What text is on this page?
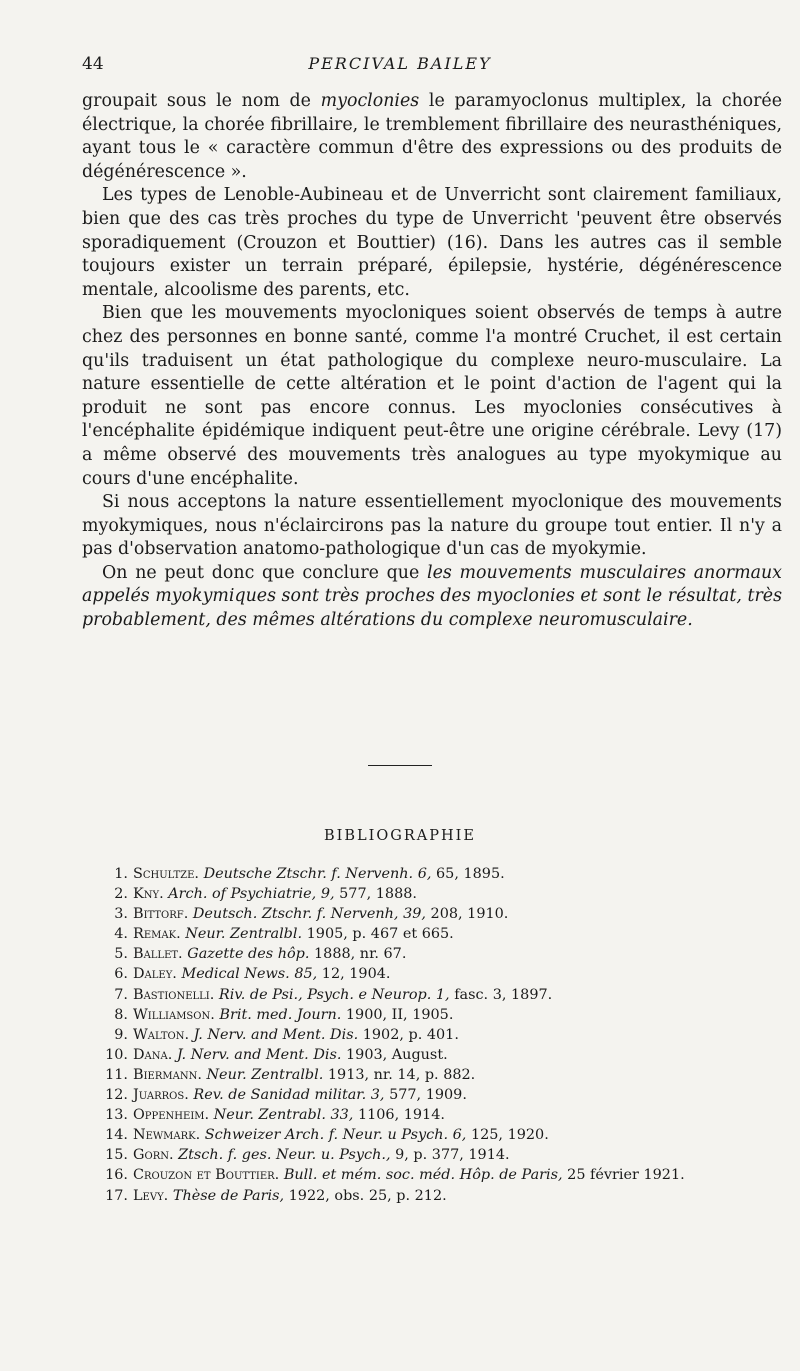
44	PERCIVAL BAILEY

groupait sous le nom de myoclonies le paramyoclonus multiplex, la chorée électrique, la chorée fibrillaire, le tremblement fibrillaire des neurasthéniques, ayant tous le « caractère commun d'être des expressions ou des produits de dégénérescence ».

Les types de Lenoble-Aubineau et de Unverricht sont clairement familiaux, bien que des cas très proches du type de Unverricht 'peuvent être observés sporadiquement (Crouzon et Bouttier) (16). Dans les autres cas il semble toujours exister un terrain préparé, épilepsie, hystérie, dégénérescence mentale, alcoolisme des parents, etc.

Bien que les mouvements myocloniques soient observés de temps à autre chez des personnes en bonne santé, comme l'a montré Cruchet, il est certain qu'ils traduisent un état pathologique du complexe neuro-musculaire. La nature essentielle de cette altération et le point d'action de l'agent qui la produit ne sont pas encore connus. Les myoclonies consécutives à l'encéphalite épidémique indiquent peut-être une origine cérébrale. Levy (17) a même observé des mouvements très analogues au type myokymique au cours d'une encéphalite.

Si nous acceptons la nature essentiellement myoclonique des mouvements myokymiques, nous n'éclaircirons pas la nature du groupe tout entier. Il n'y a pas d'observation anatomo-pathologique d'un cas de myokymie.

On ne peut donc que conclure que les mouvements musculaires anormaux appelés myokymiques sont très proches des myoclonies et sont le résultat, très probablement, des mêmes altérations du complexe neuromusculaire.

BIBLIOGRAPHIE
1. Schultze. Deutsche Ztschr. f. Nervenh. 6, 65, 1895.
2. Kny. Arch. of Psychiatrie, 9, 577, 1888.
3. Bittorf. Deutsch. Ztschr. f. Nervenh, 39, 208, 1910.
4. Remak. Neur. Zentralbl. 1905, p. 467 et 665.
5. Ballet. Gazette des hôp. 1888, nr. 67.
6. Daley. Medical News. 85, 12, 1904.
7. Bastionelli. Riv. de Psi., Psych. e Neurop. 1, fasc. 3, 1897.
8. Williamson. Brit. med. Journ. 1900, II, 1905.
9. Walton. J. Nerv. and Ment. Dis. 1902, p. 401.
10. Dana. J. Nerv. and Ment. Dis. 1903, August.
11. Biermann. Neur. Zentralbl. 1913, nr. 14, p. 882.
12. Juarros. Rev. de Sanidad militar. 3, 577, 1909.
13. Oppenheim. Neur. Zentrabl. 33, 1106, 1914.
14. Newmark. Schweizer Arch. f. Neur. u Psych. 6, 125, 1920.
15. Gorn. Ztsch. f. ges. Neur. u. Psych., 9, p. 377, 1914.
16. Crouzon et Bouttier. Bull. et mém. soc. méd. Hôp. de Paris, 25 février 1921.
17. Levy. Thèse de Paris, 1922, obs. 25, p. 212.
